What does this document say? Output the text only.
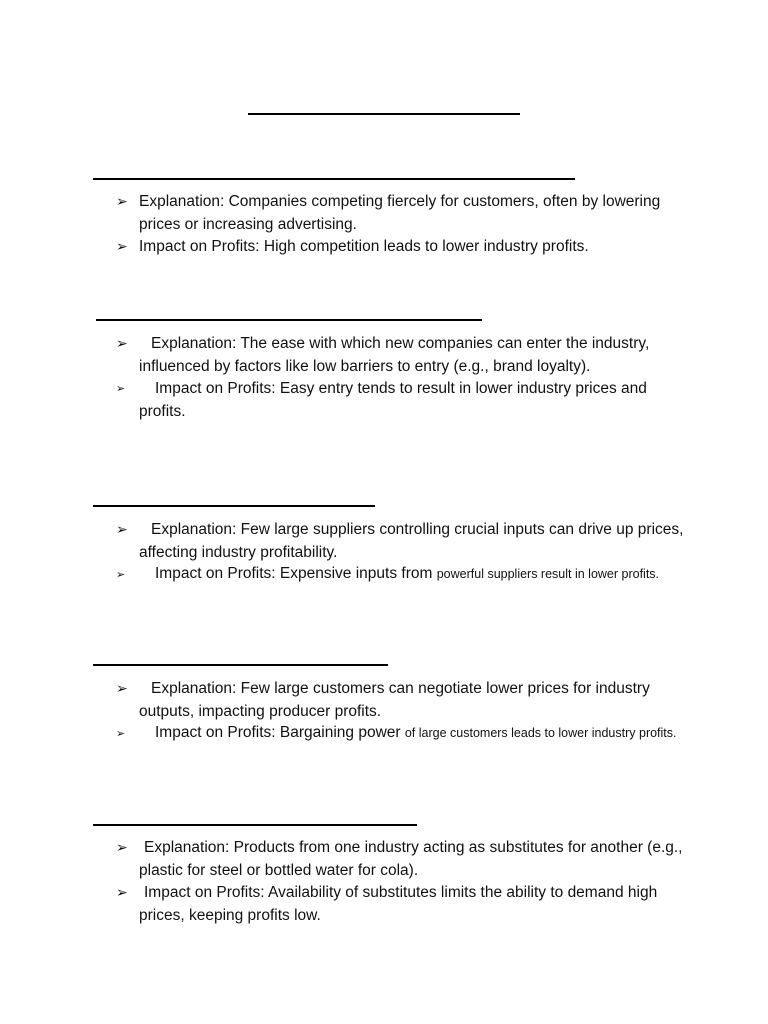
➢ Explanation: Companies competing fiercely for customers, often by lowering prices or increasing advertising.
➢ Impact on Profits: High competition leads to lower industry profits.
➢ Explanation: The ease with which new companies can enter the industry, influenced by factors like low barriers to entry (e.g., brand loyalty).
➢ Impact on Profits: Easy entry tends to result in lower industry prices and profits.
➢ Explanation: Few large suppliers controlling crucial inputs can drive up prices, affecting industry profitability.
➢ Impact on Profits: Expensive inputs from powerful suppliers result in lower profits.
➢ Explanation: Few large customers can negotiate lower prices for industry outputs, impacting producer profits.
➢ Impact on Profits: Bargaining power of large customers leads to lower industry profits.
➢ Explanation: Products from one industry acting as substitutes for another (e.g., plastic for steel or bottled water for cola).
➢ Impact on Profits: Availability of substitutes limits the ability to demand high prices, keeping profits low.
